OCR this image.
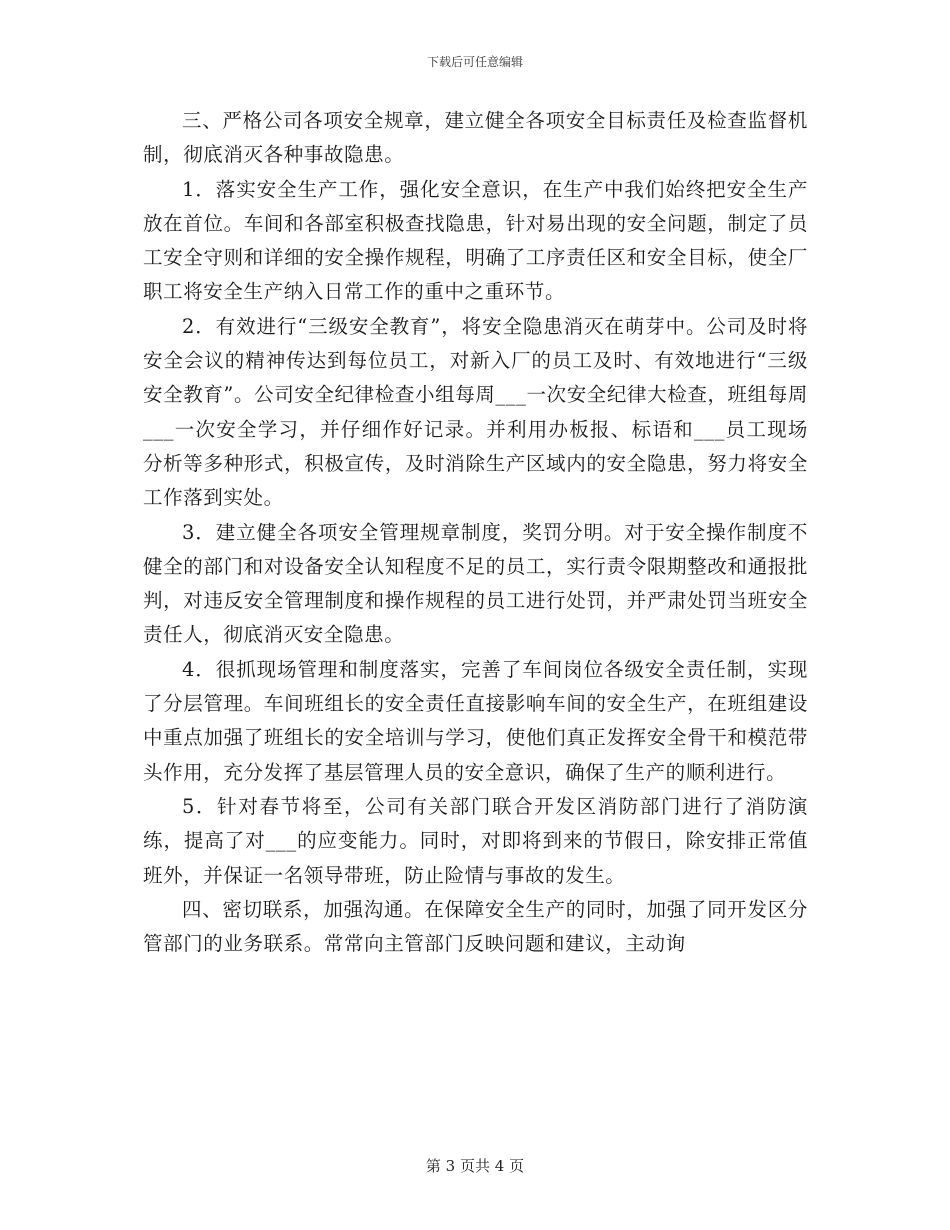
下载后可任意编辑

三、严格公司各项安全规章，建立健全各项安全目标责任及检查监督机制，彻底消灭各种事故隐患。

1．落实安全生产工作，强化安全意识，在生产中我们始终把安全生产放在首位。车间和各部室积极查找隐患，针对易出现的安全问题，制定了员工安全守则和详细的安全操作规程，明确了工序责任区和安全目标，使全厂职工将安全生产纳入日常工作的重中之重环节。

2．有效进行“三级安全教育”，将安全隐患消灭在萌芽中。公司及时将安全会议的精神传达到每位员工，对新入厂的员工及时、有效地进行“三级安全教育”。公司安全纪律检查小组每周___一次安全纪律大检查，班组每周___一次安全学习，并仔细作好记录。并利用办板报、标语和___员工现场分析等多种形式，积极宣传，及时消除生产区域内的安全隐患，努力将安全工作落到实处。

3．建立健全各项安全管理规章制度，奖罚分明。对于安全操作制度不健全的部门和对设备安全认知程度不足的员工，实行责令限期整改和通报批判，对违反安全管理制度和操作规程的员工进行处罚，并严肃处罚当班安全责任人，彻底消灭安全隐患。

4．很抓现场管理和制度落实，完善了车间岗位各级安全责任制，实现了分层管理。车间班组长的安全责任直接影响车间的安全生产，在班组建设中重点加强了班组长的安全培训与学习，使他们真正发挥安全骨干和模范带头作用，充分发挥了基层管理人员的安全意识，确保了生产的顺利进行。

5．针对春节将至，公司有关部门联合开发区消防部门进行了消防演练，提高了对___的应变能力。同时，对即将到来的节假日，除安排正常值班外，并保证一名领导带班，防止险情与事故的发生。

四、密切联系，加强沟通。在保障安全生产的同时，加强了同开发区分管部门的业务联系。常常向主管部门反映问题和建议，主动询

第 3 页共 4 页
